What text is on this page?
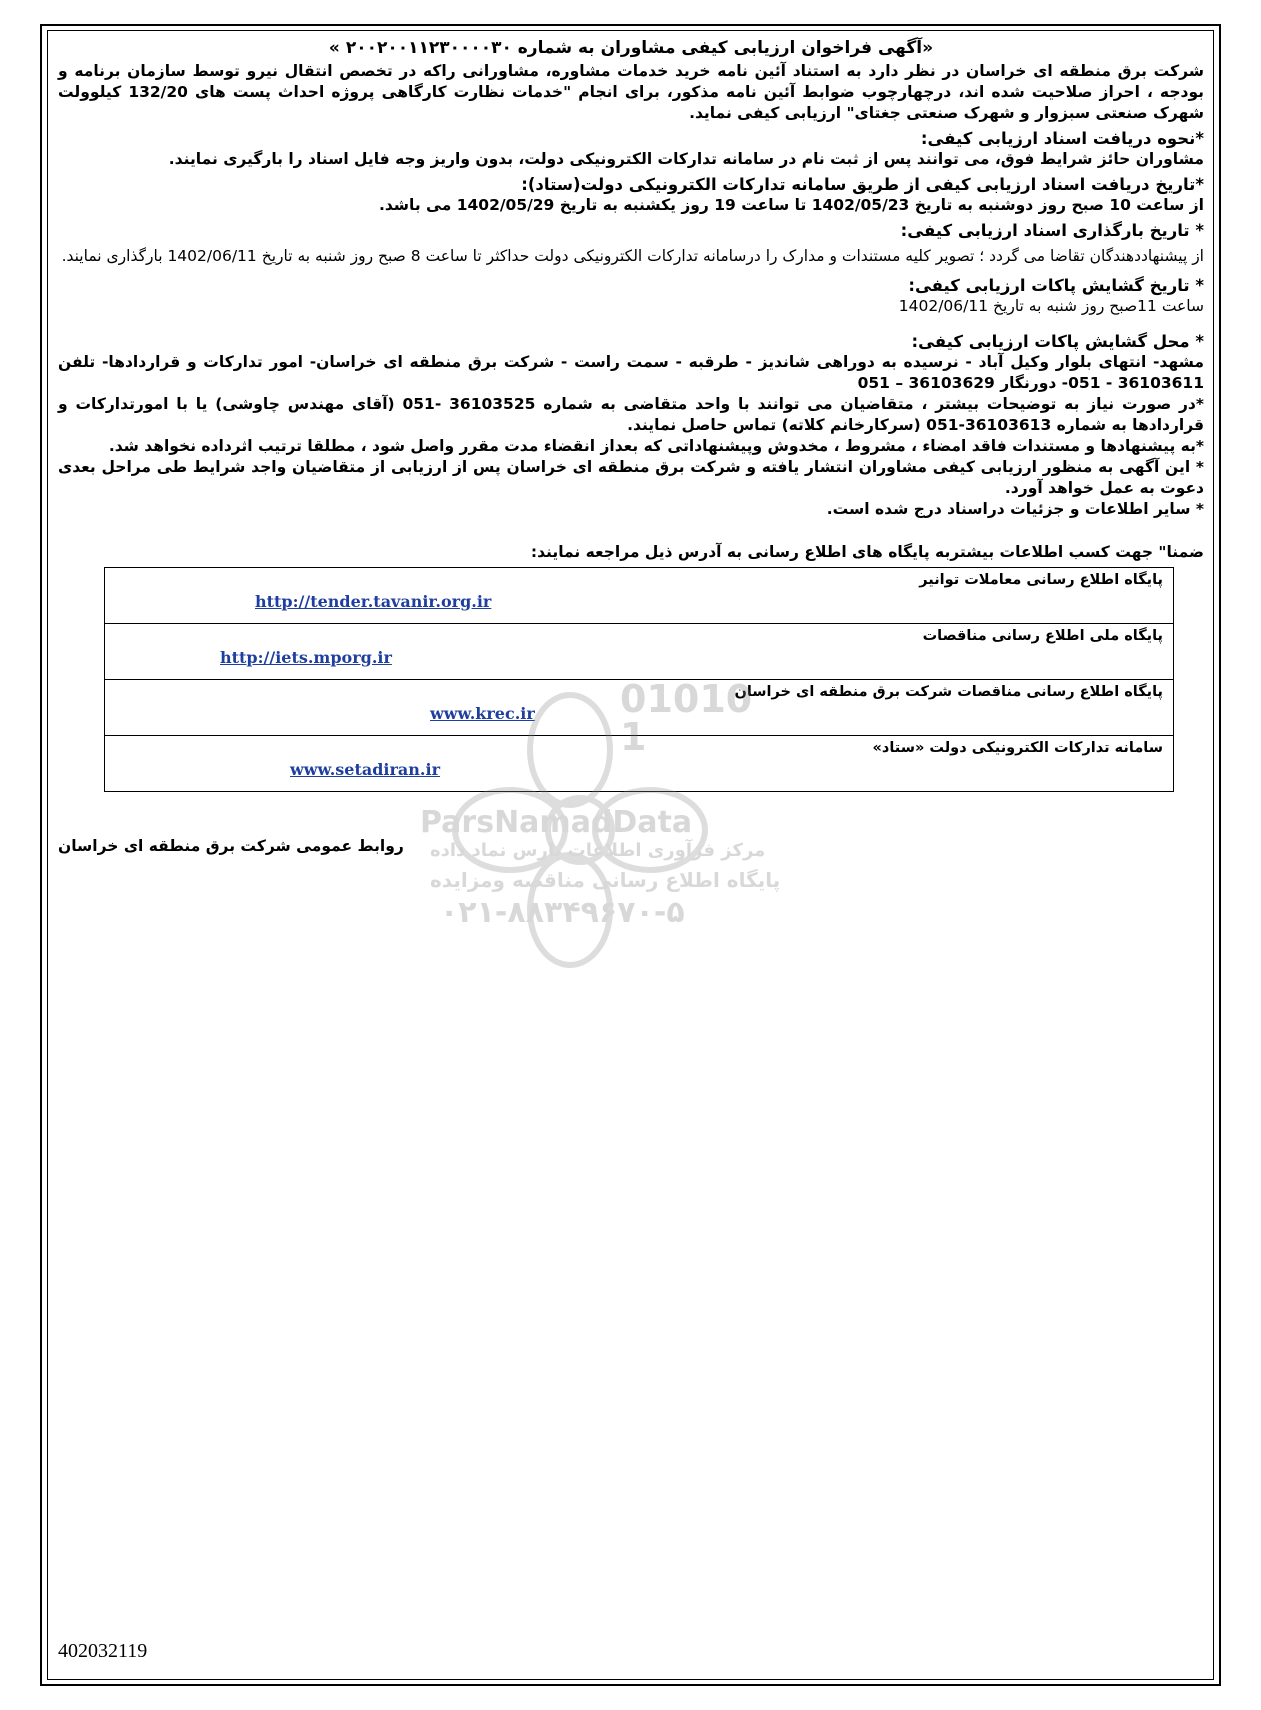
«آگهی فراخوان ارزیابی کیفی مشاوران به شماره ۲۰۰۲۰۰۱۱۲۳۰۰۰۰۳۰ »

شرکت برق منطقه ای خراسان در نظر دارد به استناد آئین نامه خرید خدمات مشاوره، مشاورانی راکه در تخصص انتقال نیرو توسط سازمان برنامه و بودجه ، احراز صلاحیت شده اند، درچهارچوب ضوابط آئین نامه مذکور، برای انجام "خدمات نظارت کارگاهی پروژه احداث پست های 132/20 کیلوولت شهرک صنعتی سبزوار و شهرک صنعتی جغتای" ارزیابی کیفی نماید.

*نحوه دریافت اسناد ارزیابی کیفی:

مشاوران حائز شرایط فوق، می توانند پس از ثبت نام در سامانه تدارکات الکترونیکی دولت، بدون واریز وجه فایل اسناد را بارگیری نمایند.

*تاریخ دریافت اسناد ارزیابی کیفی از طریق سامانه تدارکات الکترونیکی دولت(ستاد):

از ساعت 10 صبح روز دوشنبه به تاریخ 1402/05/23 تا ساعت 19 روز یکشنبه به تاریخ 1402/05/29 می باشد.

* تاریخ بارگذاری اسناد ارزیابی کیفی:

از پیشنهاددهندگان تقاضا می گردد ؛ تصویر کلیه مستندات و مدارک را درسامانه تدارکات الکترونیکی دولت حداکثر تا ساعت 8 صبح روز شنبه به تاریخ 1402/06/11 بارگذاری نمایند.

* تاریخ گشایش پاکات ارزیابی کیفی:

ساعت 11صبح روز شنبه به تاریخ 1402/06/11

* محل گشایش پاکات ارزیابی کیفی:

مشهد- انتهای بلوار وکیل آباد - نرسیده به دوراهی شاندیز - طرقبه - سمت راست - شرکت برق منطقه ای خراسان- امور تدارکات و قراردادها- تلفن 36103611 - 051- دورنگار 36103629 – 051

*در صورت نیاز به توضیحات بیشتر ، متقاضیان می توانند با واحد متقاضی به شماره 36103525 -051 (آقای مهندس چاوشی) یا با امورتدارکات و قراردادها به شماره 36103613-051 (سرکارخانم کلاته) تماس حاصل نمایند.

*به پیشنهادها و مستندات فاقد امضاء ، مشروط ، مخدوش وپیشنهاداتی که بعداز انقضاء مدت مقرر واصل شود ، مطلقا ترتیب اثرداده نخواهد شد.

* این آگهی به منظور ارزیابی کیفی مشاوران انتشار یافته و شرکت برق منطقه ای خراسان پس از ارزیابی از متقاضیان واجد شرایط طی مراحل بعدی دعوت به عمل خواهد آورد.

* سایر اطلاعات و جزئیات دراسناد درج شده است.

ضمنا" جهت کسب اطلاعات بیشتربه پایگاه های اطلاع رسانی به آدرس ذیل مراجعه نمایند:

پایگاه اطلاع رسانی معاملات توانیر
http://tender.tavanir.org.ir

پایگاه ملی اطلاع رسانی مناقصات
http://iets.mporg.ir

پایگاه اطلاع رسانی مناقصات شرکت برق منطقه ای خراسان
www.krec.ir

سامانه تدارکات الکترونیکی دولت «ستاد»
www.setadiran.ir
روابط عمومی شرکت برق منطقه ای خراسان
010101
ParsNamadData
مرکز فرآوری اطلاعات پارس نماد داده
پایگاه اطلاع رسانی مناقصه ومزایده
۰۲۱-۸۸۳۴۹۶۷۰-۵
402032119
